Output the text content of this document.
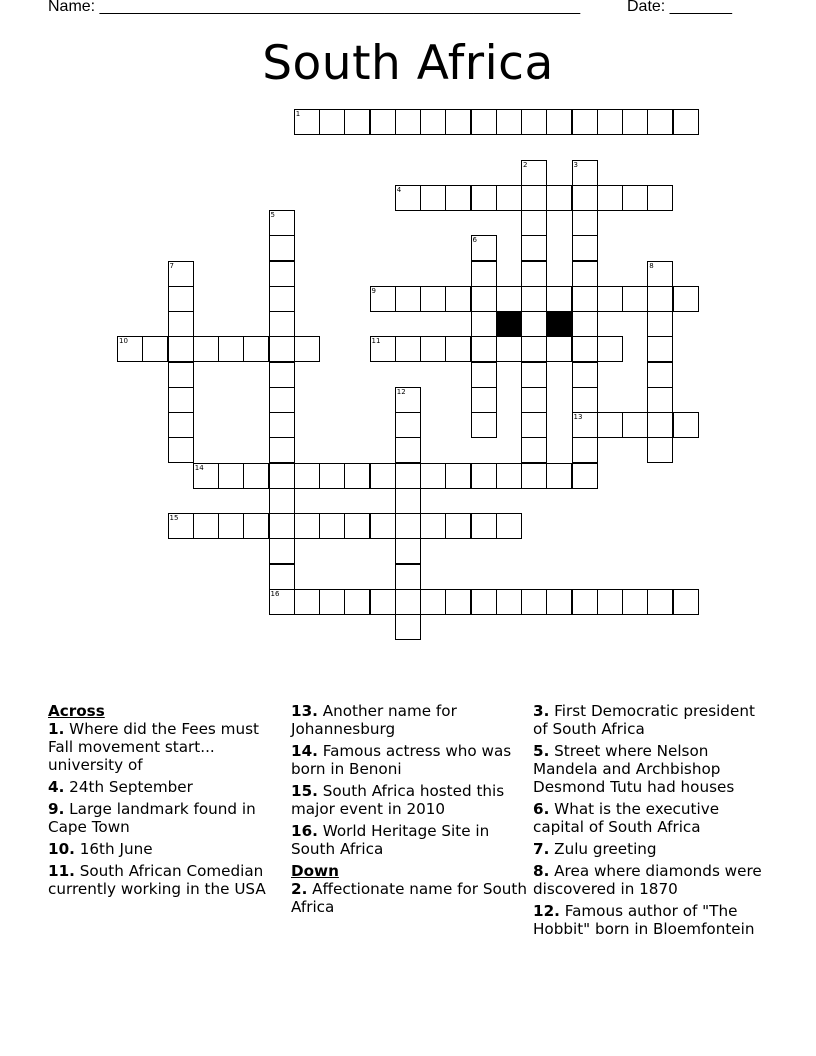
Name: ______________________________________________________	Date: _______
South Africa
1
4
9
10	11
13
14
15
16
2	3
5
6
7	8
12

Across

1. Where did the Fees must Fall movement start... university of

4. 24th September

9. Large landmark found in Cape Town

10. 16th June

11. South African Comedian currently working in the USA

13. Another name for Johannesburg

14. Famous actress who was born in Benoni

15. South Africa hosted this major event in 2010

16. World Heritage Site in South Africa

Down

2. Affectionate name for South Africa

3. First Democratic president of South Africa

5. Street where Nelson Mandela and Archbishop Desmond Tutu had houses

6. What is the executive capital of South Africa

7. Zulu greeting

8. Area where diamonds were discovered in 1870

12. Famous author of "The Hobbit" born in Bloemfontein
